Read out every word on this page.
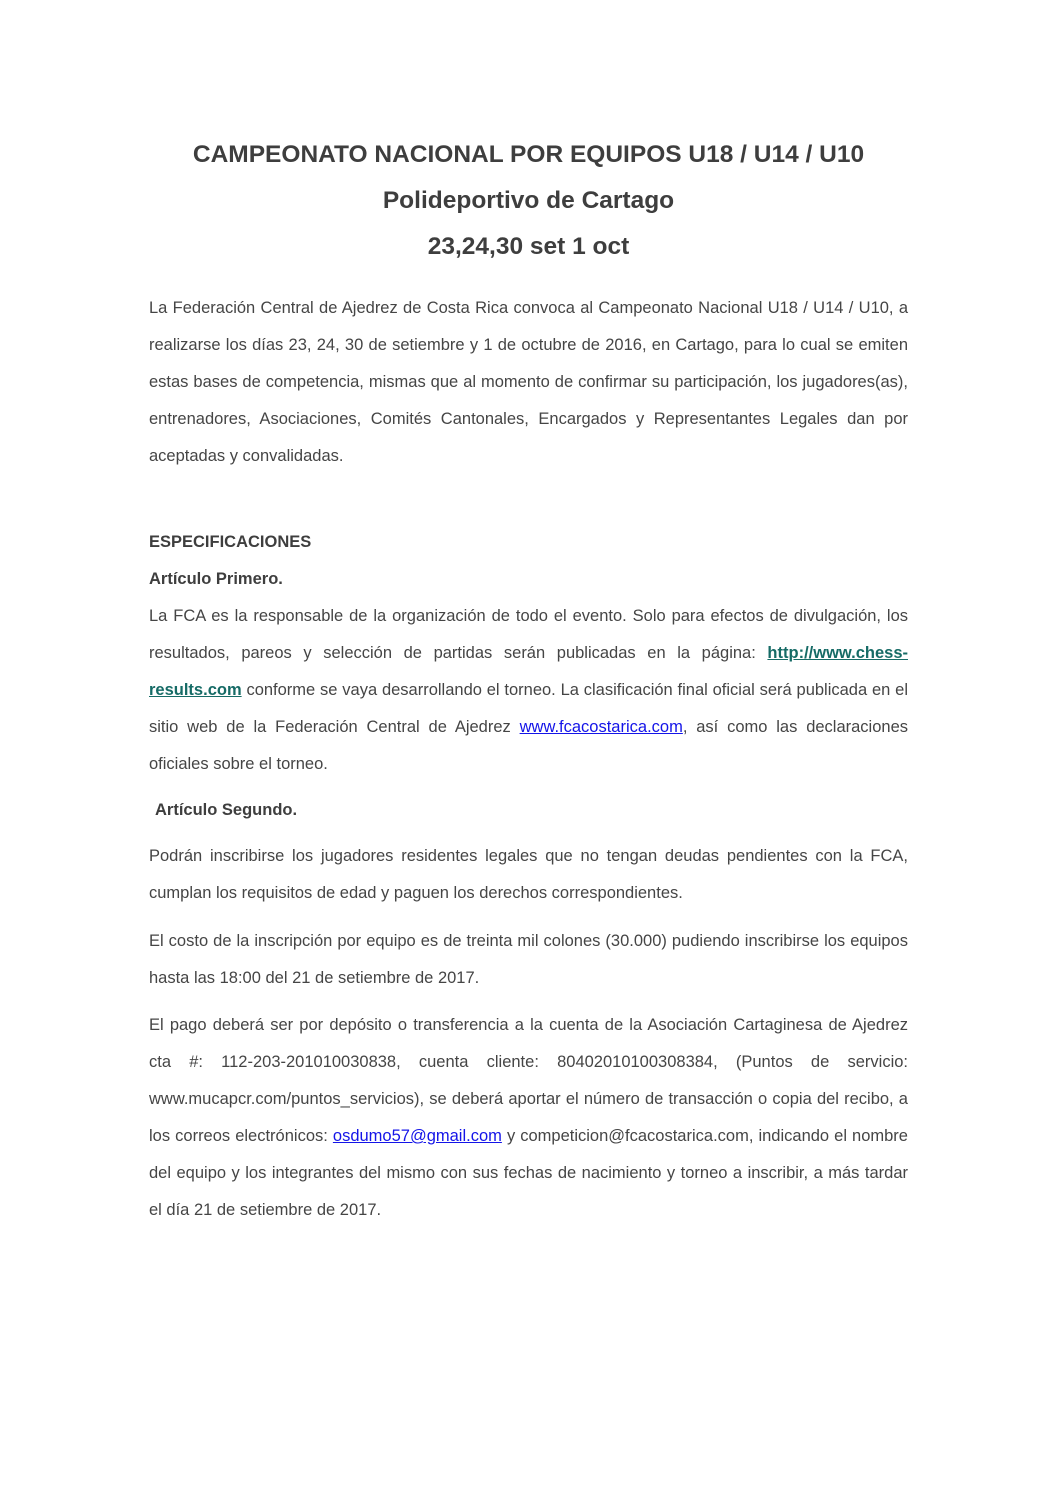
CAMPEONATO NACIONAL POR EQUIPOS U18 / U14 / U10
Polideportivo de Cartago
23,24,30 set 1 oct

La Federación Central de Ajedrez de Costa Rica convoca al Campeonato Nacional U18 / U14 / U10, a realizarse los días 23, 24, 30 de setiembre y 1 de octubre de 2016, en Cartago, para lo cual se emiten estas bases de competencia, mismas que al momento de confirmar su participación, los jugadores(as), entrenadores, Asociaciones, Comités Cantonales, Encargados y Representantes Legales dan por aceptadas y convalidadas.

ESPECIFICACIONES

Artículo Primero.

La FCA es la responsable de la organización de todo el evento. Solo para efectos de divulgación, los resultados, pareos y selección de partidas serán publicadas en la página: http://www.chess-results.com conforme se vaya desarrollando el torneo. La clasificación final oficial será publicada en el sitio web de la Federación Central de Ajedrez www.fcacostarica.com, así como las declaraciones oficiales sobre el torneo.

Artículo Segundo.

Podrán inscribirse los jugadores residentes legales que no tengan deudas pendientes con la FCA, cumplan los requisitos de edad y paguen los derechos correspondientes.

El costo de la inscripción por equipo es de treinta mil colones (30.000) pudiendo inscribirse los equipos hasta las 18:00 del 21 de setiembre de 2017.

El pago deberá ser por depósito o transferencia a la cuenta de la Asociación Cartaginesa de Ajedrez cta #: 112-203-201010030838, cuenta cliente: 80402010100308384, (Puntos de servicio: www.mucapcr.com/puntos_servicios), se deberá aportar el número de transacción o copia del recibo, a los correos electrónicos: osdumo57@gmail.com y competicion@fcacostarica.com, indicando el nombre del equipo y los integrantes del mismo con sus fechas de nacimiento y torneo a inscribir, a más tardar el día 21 de setiembre de 2017.
